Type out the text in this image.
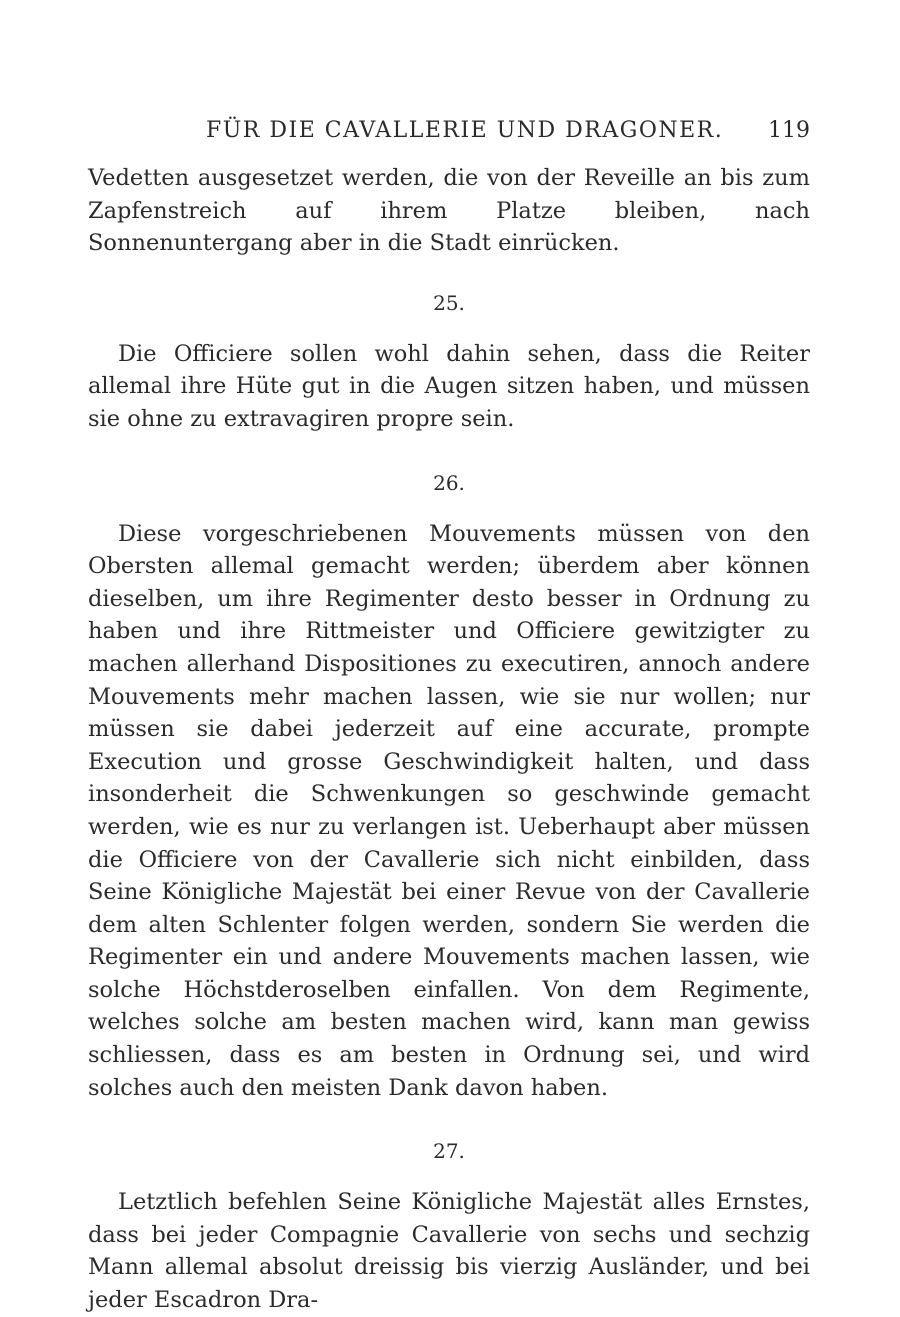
FÜR DIE CAVALLERIE UND DRAGONER. 119

Vedetten ausgesetzet werden, die von der Reveille an bis zum Zapfenstreich auf ihrem Platze bleiben, nach Sonnenuntergang aber in die Stadt einrücken.

25.

Die Officiere sollen wohl dahin sehen, dass die Reiter allemal ihre Hüte gut in die Augen sitzen haben, und müssen sie ohne zu extravagiren propre sein.

26.

Diese vorgeschriebenen Mouvements müssen von den Obersten allemal gemacht werden; überdem aber können dieselben, um ihre Regimenter desto besser in Ordnung zu haben und ihre Rittmeister und Officiere gewitzigter zu machen allerhand Dispositiones zu executiren, annoch andere Mouvements mehr machen lassen, wie sie nur wollen; nur müssen sie dabei jederzeit auf eine accurate, prompte Execution und grosse Geschwindigkeit halten, und dass insonderheit die Schwenkungen so geschwinde gemacht werden, wie es nur zu verlangen ist. Ueberhaupt aber müssen die Officiere von der Cavallerie sich nicht einbilden, dass Seine Königliche Majestät bei einer Revue von der Cavallerie dem alten Schlenter folgen werden, sondern Sie werden die Regimenter ein und andere Mouvements machen lassen, wie solche Höchstderoselben einfallen. Von dem Regimente, welches solche am besten machen wird, kann man gewiss schliessen, dass es am besten in Ordnung sei, und wird solches auch den meisten Dank davon haben.

27.

Letztlich befehlen Seine Königliche Majestät alles Ernstes, dass bei jeder Compagnie Cavallerie von sechs und sechzig Mann allemal absolut dreissig bis vierzig Ausländer, und bei jeder Escadron Dra-
